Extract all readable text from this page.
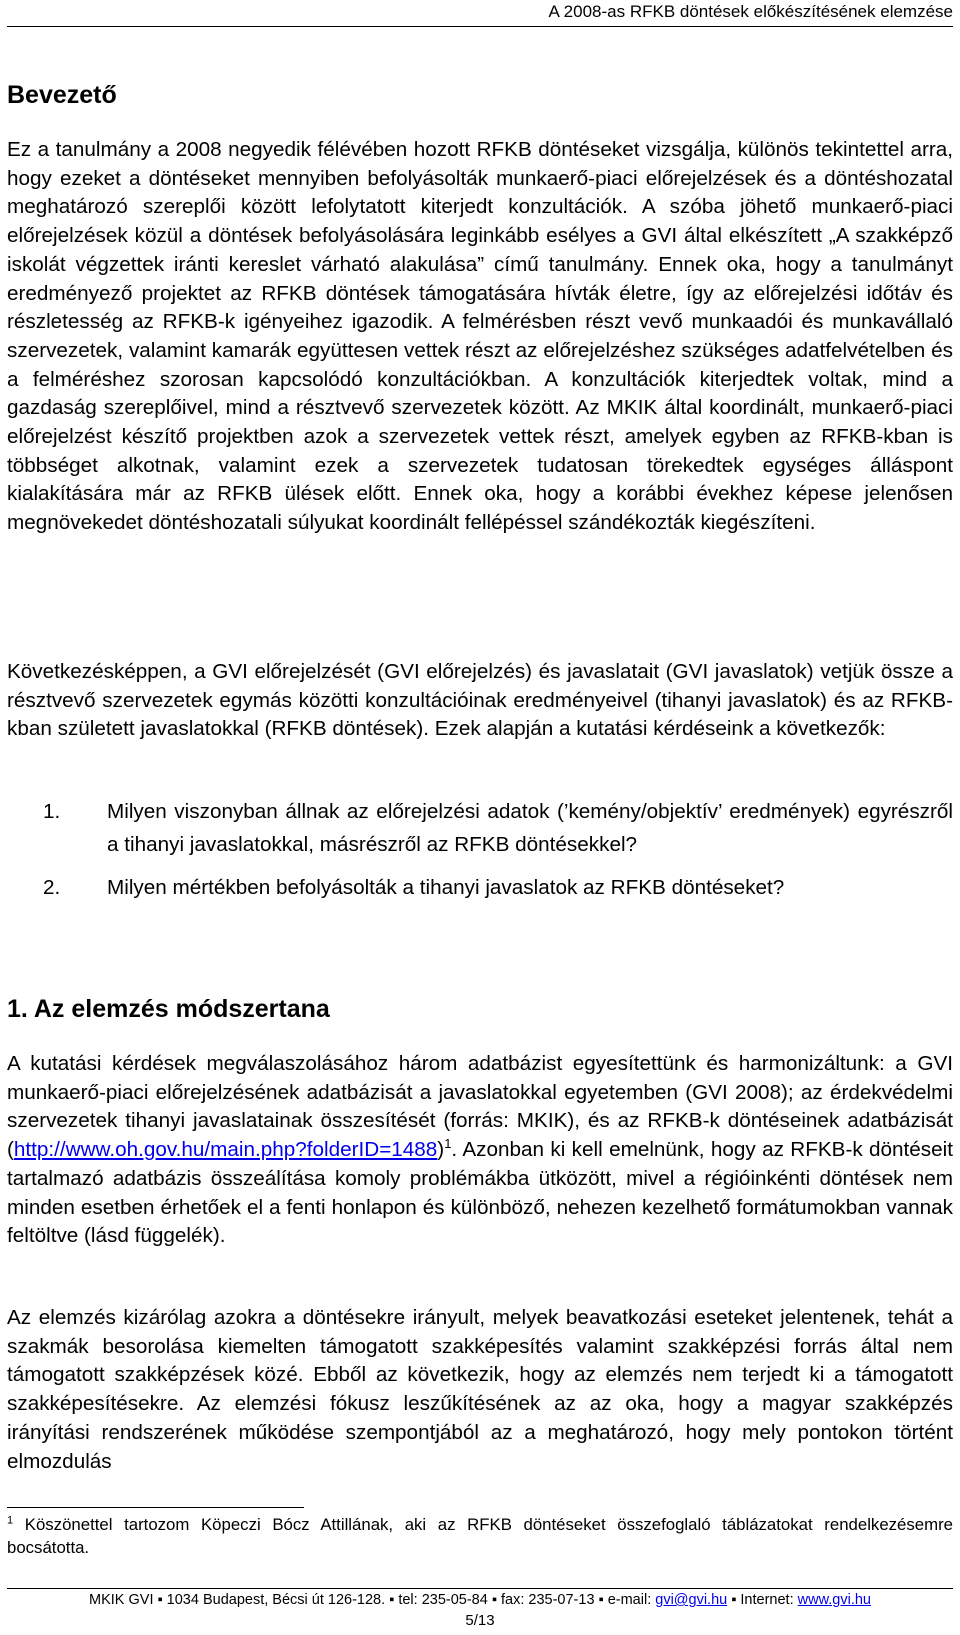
A 2008-as RFKB döntések előkészítésének elemzése
Bevezető

Ez a tanulmány a 2008 negyedik félévében hozott RFKB döntéseket vizsgálja, különös tekintettel arra, hogy ezeket a döntéseket mennyiben befolyásolták munkaerő-piaci előrejelzések és a döntéshozatal meghatározó szereplői között lefolytatott kiterjedt konzultációk. A szóba jöhető munkaerő-piaci előrejelzések közül a döntések befolyásolására leginkább esélyes a GVI által elkészített „A szakképző iskolát végzettek iránti kereslet várható alakulása” című tanulmány. Ennek oka, hogy a tanulmányt eredményező projektet az RFKB döntések támogatására hívták életre, így az előrejelzési időtáv és részletesség az RFKB-k igényeihez igazodik. A felmérésben részt vevő munkaadói és munkavállaló szervezetek, valamint kamarák együttesen vettek részt az előrejelzéshez szükséges adatfelvételben és a felméréshez szorosan kapcsolódó konzultációkban. A konzultációk kiterjedtek voltak, mind a gazdaság szereplőivel, mind a résztvevő szervezetek között. Az MKIK által koordinált, munkaerő-piaci előrejelzést készítő projektben azok a szervezetek vettek részt, amelyek egyben az RFKB-kban is többséget alkotnak, valamint ezek a szervezetek tudatosan törekedtek egységes álláspont kialakítására már az RFKB ülések előtt. Ennek oka, hogy a korábbi évekhez képese jelenősen megnövekedet döntéshozatali súlyukat koordinált fellépéssel szándékozták kiegészíteni.

Következésképpen, a GVI előrejelzését (GVI előrejelzés) és javaslatait (GVI javaslatok) vetjük össze a résztvevő szervezetek egymás közötti konzultációinak eredményeivel (tihanyi javaslatok) és az RFKB-kban született javaslatokkal (RFKB döntések). Ezek alapján a kutatási kérdéseink a következők:

1. Milyen viszonyban állnak az előrejelzési adatok (’kemény/objektív’ eredmények) egyrészről a tihanyi javaslatokkal, másrészről az RFKB döntésekkel?
2. Milyen mértékben befolyásolták a tihanyi javaslatok az RFKB döntéseket?
1. Az elemzés módszertana

A kutatási kérdések megválaszolásához három adatbázist egyesítettünk és harmonizáltunk: a GVI munkaerő-piaci előrejelzésének adatbázisát a javaslatokkal egyetemben (GVI 2008); az érdekvédelmi szervezetek tihanyi javaslatainak összesítését (forrás: MKIK), és az RFKB-k döntéseinek adatbázisát (http://www.oh.gov.hu/main.php?folderID=1488)$^1$. Azonban ki kell emelnünk, hogy az RFKB-k döntéseit tartalmazó adatbázis összeálítása komoly problémákba ütközött, mivel a régióinkénti döntések nem minden esetben érhetőek el a fenti honlapon és különböző, nehezen kezelhető formátumokban vannak feltöltve (lásd függelék).

Az elemzés kizárólag azokra a döntésekre irányult, melyek beavatkozási eseteket jelentenek, tehát a szakmák besorolása kiemelten támogatott szakképesítés valamint szakképzési forrás által nem támogatott szakképzések közé. Ebből az következik, hogy az elemzés nem terjedt ki a támogatott szakképesítésekre. Az elemzési fókusz leszűkítésének az az oka, hogy a magyar szakképzés irányítási rendszerének működése szempontjából az a meghatározó, hogy mely pontokon történt elmozdulás

$^1$ Köszönettel tartozom Köpeczi Bócz Attillának, aki az RFKB döntéseket összefoglaló táblázatokat rendelkezésemre bocsátotta.
MKIK GVI ▪ 1034 Budapest, Bécsi út 126-128. ▪ tel: 235-05-84 ▪ fax: 235-07-13 ▪ e-mail: gvi@gvi.hu ▪ Internet: www.gvi.hu
5/13
